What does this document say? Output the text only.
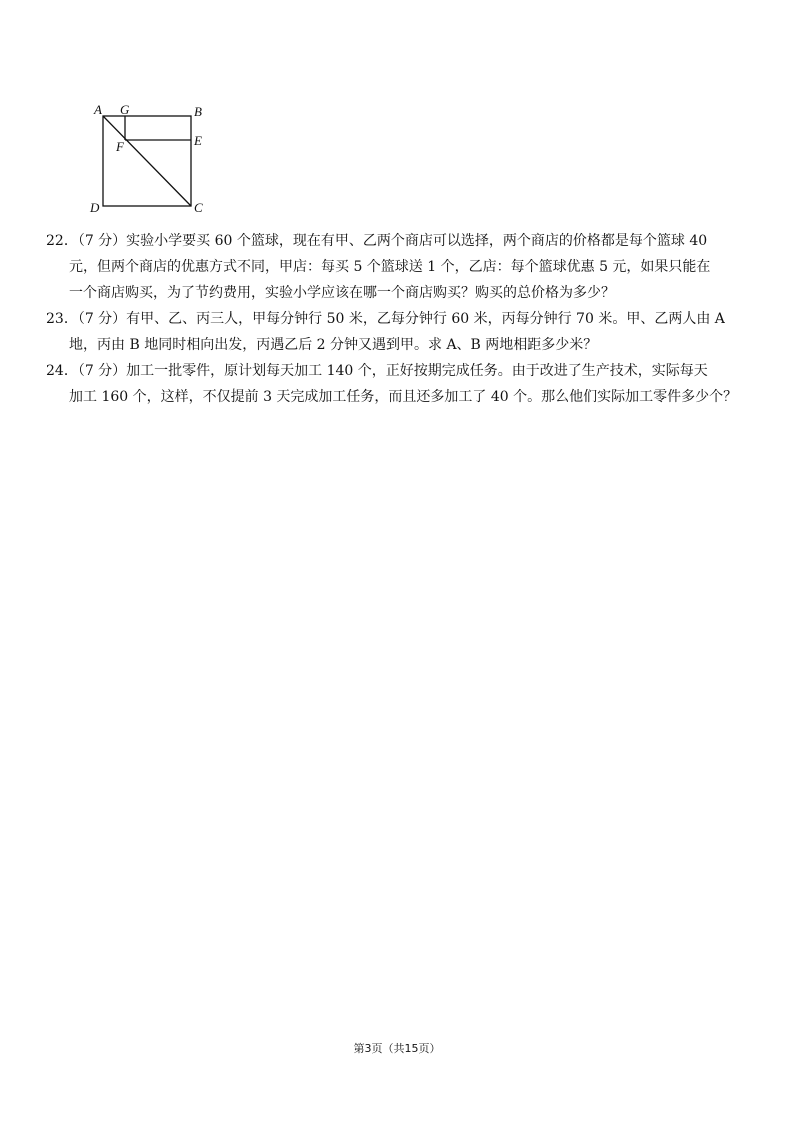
A G	B
E
F
D	C
22．（7 分）实验小学要买 60 个篮球，现在有甲、乙两个商店可以选择，两个商店的价格都是每个篮球 40
元，但两个商店的优惠方式不同，甲店：每买 5 个篮球送 1 个，乙店：每个篮球优惠 5 元，如果只能在
一个商店购买，为了节约费用，实验小学应该在哪一个商店购买？购买的总价格为多少？
23．（7 分）有甲、乙、丙三人，甲每分钟行 50 米，乙每分钟行 60 米，丙每分钟行 70 米。甲、乙两人由 A
地，丙由 B 地同时相向出发，丙遇乙后 2 分钟又遇到甲。求 A、B 两地相距多少米？
24．（7 分）加工一批零件，原计划每天加工 140 个，正好按期完成任务。由于改进了生产技术，实际每天
加工 160 个，这样，不仅提前 3 天完成加工任务，而且还多加工了 40 个。那么他们实际加工零件多少个？
第3页（共15页）
